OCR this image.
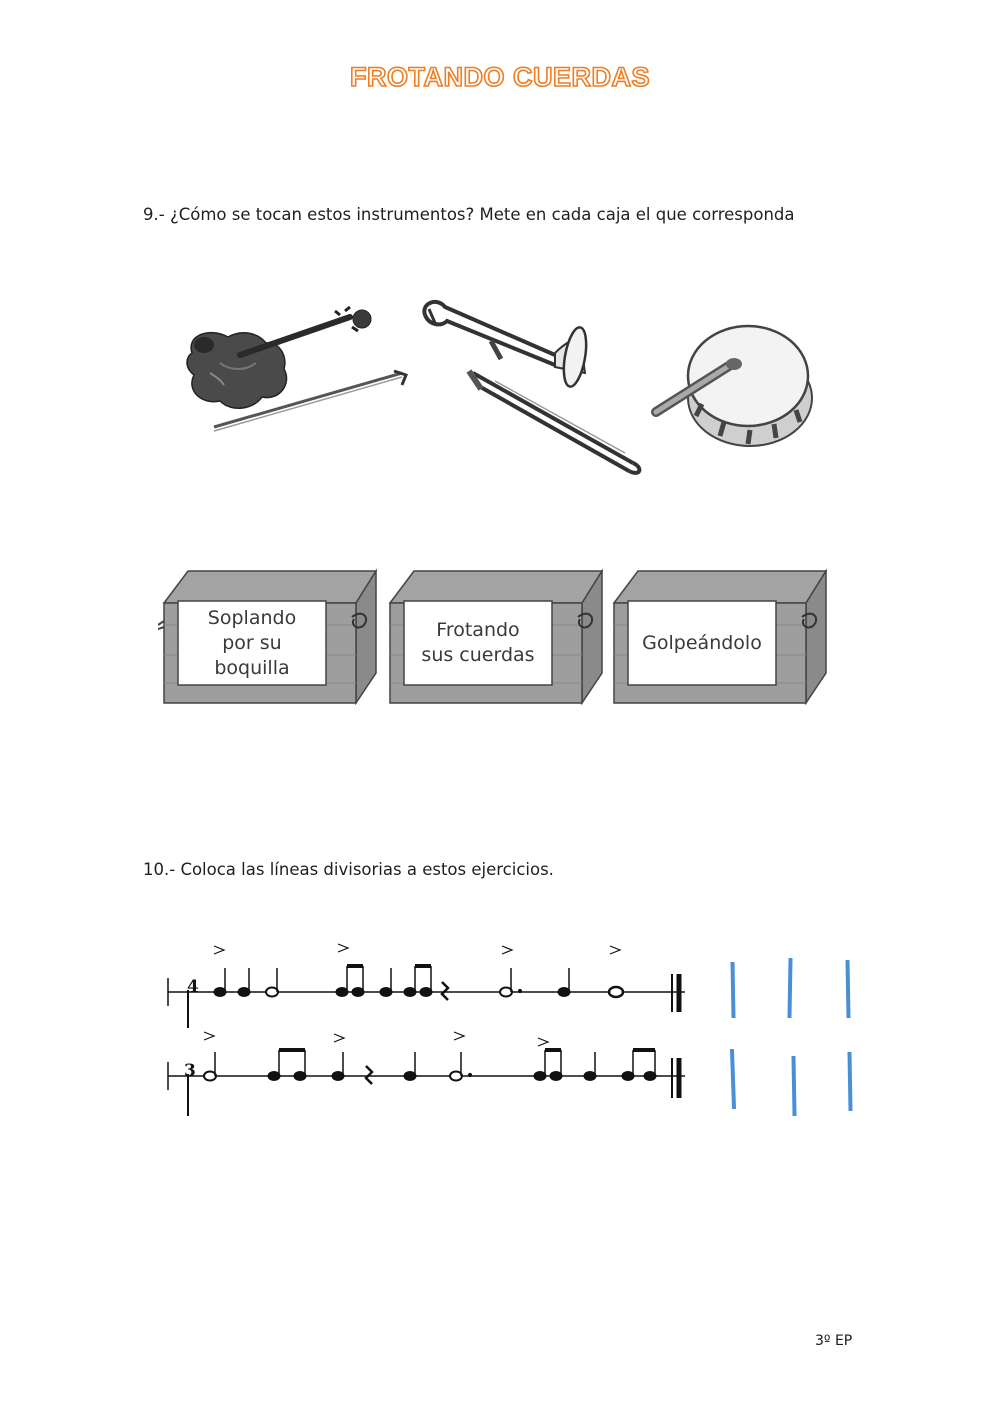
FROTANDO CUERDAS
9.- ¿Cómo se tocan estos instrumentos? Mete en cada caja el que corresponda
Soplando
por su
boquilla
Frotando
sus cuerdas
Golpeándolo
10.- Coloca las líneas divisorias a estos ejercicios.
4
3
3º EP
